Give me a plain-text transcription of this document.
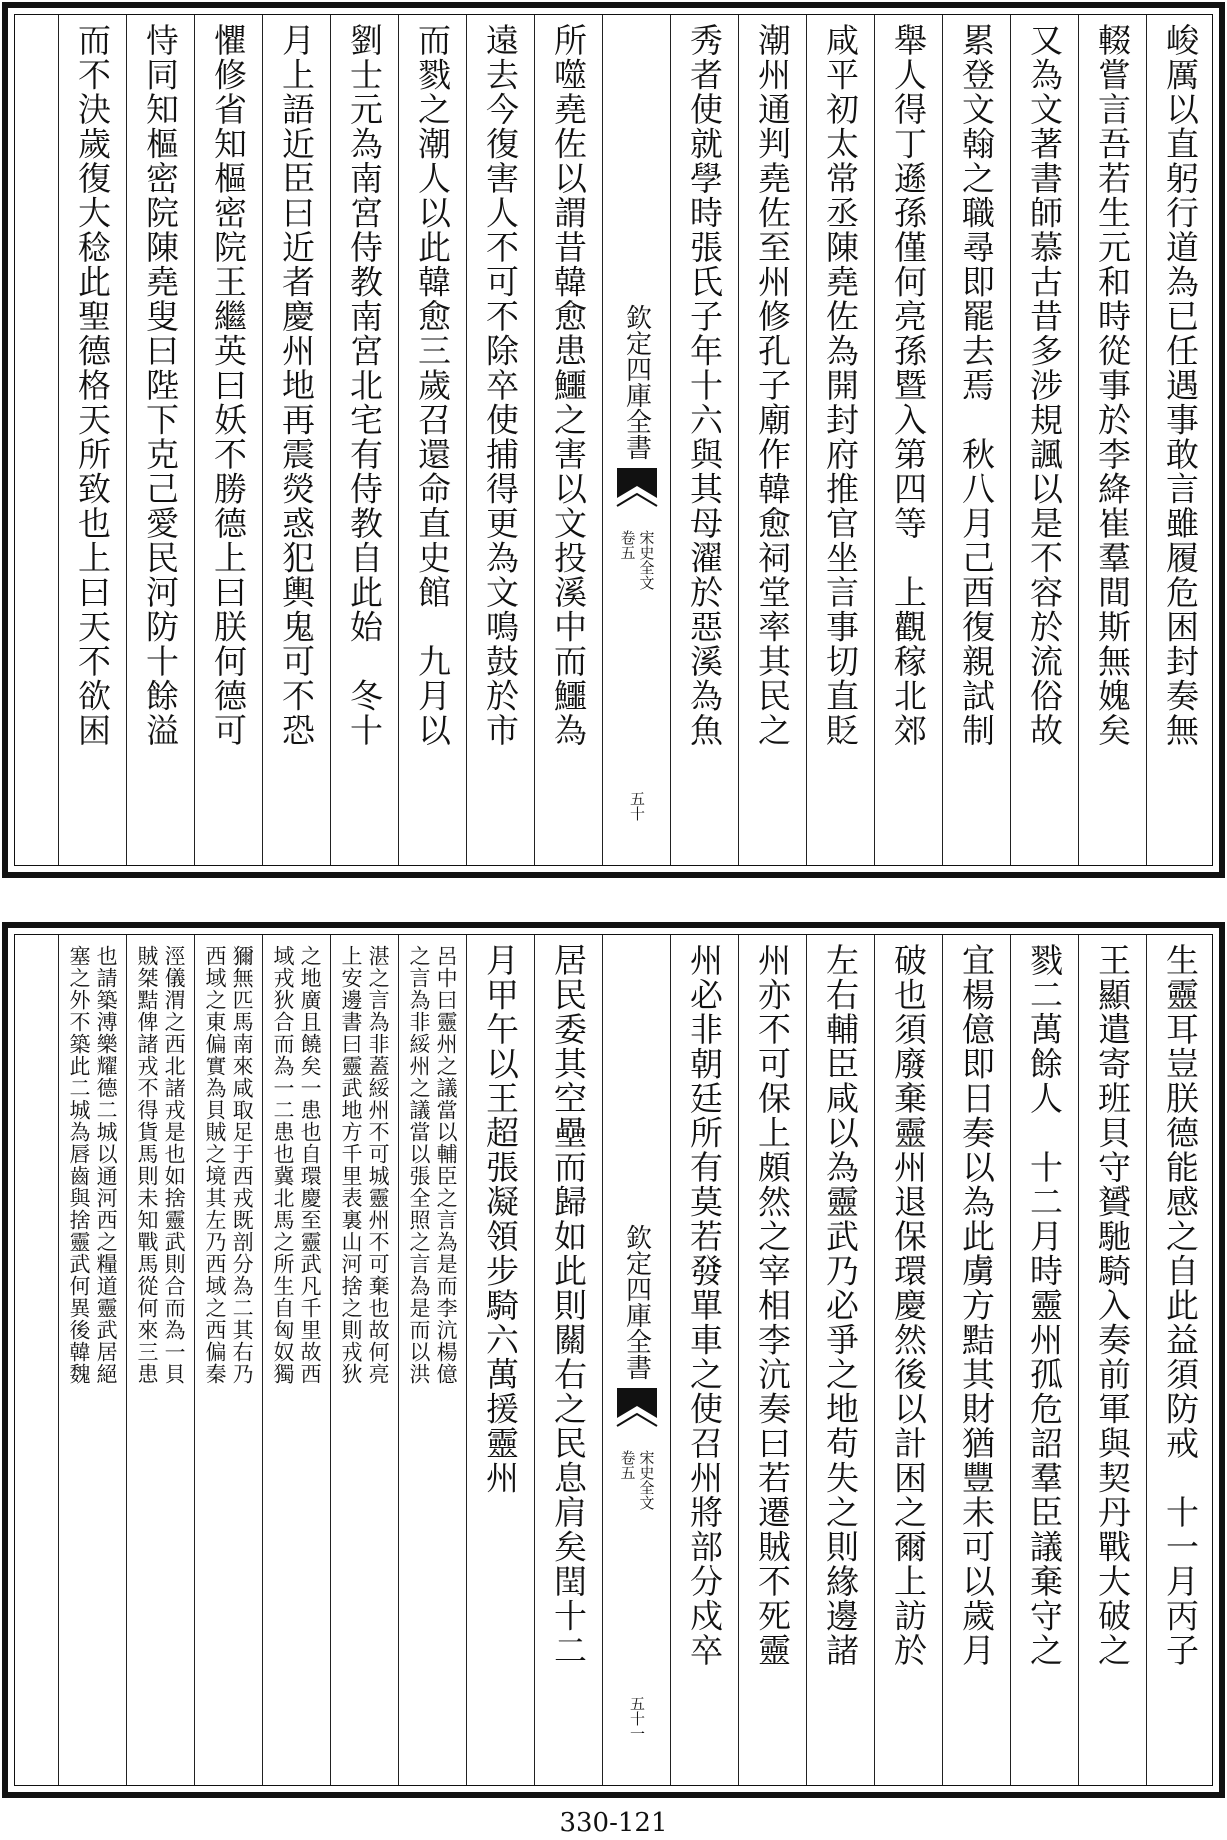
峻厲以直躬行道為已任遇事敢言雖履危困封奏無
輟嘗言吾若生元和時從事於李絳崔羣間斯無媿矣
又為文著書師慕古昔多涉規諷以是不容於流俗故
累登文翰之職尋即罷去焉　秋八月己酉復親試制
舉人得丁遜孫僅何亮孫暨入第四等　上觀稼北郊
咸平初太常丞陳堯佐為開封府推官坐言事切直貶
潮州通判堯佐至州修孔子廟作韓愈祠堂率其民之
秀者使就學時張氏子年十六與其母濯於惡溪為魚
欽定四庫全書
宋史全文
卷五
五十
所噬堯佐以謂昔韓愈患鱷之害以文投溪中而鱷為
遠去今復害人不可不除卒使捕得更為文鳴鼓於市
而戮之潮人以此韓愈三歲召還命直史館　九月以
劉士元為南宮侍教南宮北宅有侍教自此始　冬十
月上語近臣曰近者慶州地再震熒惑犯輿鬼可不恐
懼修省知樞密院王繼英曰妖不勝德上曰朕何德可
恃同知樞密院陳堯叟曰陛下克己愛民河防十餘溢
而不決歲復大稔此聖德格天所致也上曰天不欲困
生靈耳豈朕德能感之自此益須防戒　十一月丙子
王顯遣寄班貝守贇馳騎入奏前軍與契丹戰大破之
戮二萬餘人　十二月時靈州孤危詔羣臣議棄守之
宜楊億即日奏以為此虜方黠其財猶豐未可以歲月
破也須廢棄靈州退保環慶然後以計困之爾上訪於
左右輔臣咸以為靈武乃必爭之地苟失之則緣邊諸
州亦不可保上頗然之宰相李沆奏曰若遷賊不死靈
州必非朝廷所有莫若發單車之使召州將部分戍卒
欽定四庫全書
宋史全文
卷五
五十一
居民委其空壘而歸如此則關右之民息肩矣閏十二
月甲午以王超張凝領步騎六萬援靈州
呂中曰靈州之議當以輔臣之言為是而李沆楊億
之言為非綏州之議當以張全照之言為是而以洪
湛之言為非蓋綏州不可城靈州不可棄也故何亮
上安邊書曰靈武地方千里表裏山河捨之則戎狄
之地廣且饒矣一患也自環慶至靈武凡千里故西
域戎狄合而為一二患也冀北馬之所生自匈奴獨
獮無匹馬南來咸取足于西戎既剖分為二其右乃
西域之東偏實為貝賊之境其左乃西域之西偏秦
涇儀渭之西北諸戎是也如捨靈武則合而為一貝
賊桀黠俾諸戎不得貨馬則未知戰馬從何來三患
也請築溥樂耀德二城以通河西之糧道靈武居絕
塞之外不築此二城為唇齒與捨靈武何異後韓魏
330-121
